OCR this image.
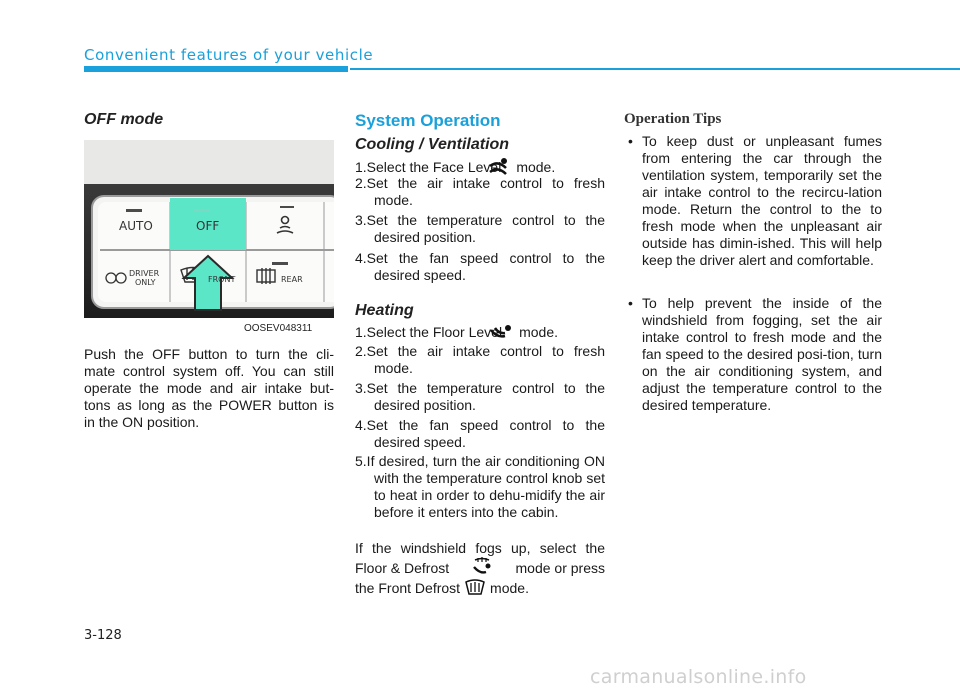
Convenient features of your vehicle
OFF mode
AUTO	OFF
DRIVER
ONLY	FRONT	REAR
OOSEV048311
Push the OFF button to turn the cli-
mate control system off. You can still
operate the mode and air intake but-
tons as long as the POWER button is
in the ON position.
System Operation
Cooling / Ventilation
1.Select the Face Level mode.
2.Set the air intake control to fresh mode.
3.Set the temperature control to the desired position.
4.Set the fan speed control to the desired speed.
Heating
1.Select the Floor Level mode.
2.Set the air intake control to fresh mode.
3.Set the temperature control to the desired position.
4.Set the fan speed control to the desired speed.
5.If desired, turn the air conditioning ON with the temperature control knob set to heat in order to dehu-midify the air before it enters into the cabin.
If the windshield fogs up, select the
Floor & Defrost	mode or press
the Front Defrost mode.
Operation Tips
• To keep dust or unpleasant fumes from entering the car through the ventilation system, temporarily set the air intake control to the recircu-lation mode. Return the control to the to fresh mode when the unpleasant air outside has dimin-ished. This will help keep the driver alert and comfortable.
• To help prevent the inside of the windshield from fogging, set the air intake control to fresh mode and the fan speed to the desired posi-tion, turn on the air conditioning system, and adjust the temperature control to the desired temperature.
3-128
carmanualsonline.info
